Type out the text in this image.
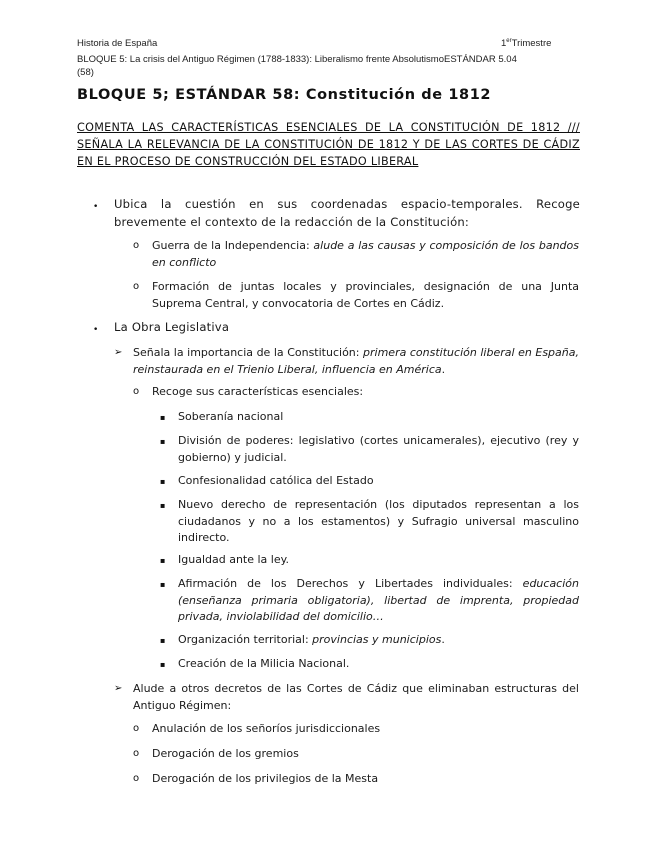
Historia de España	1erTrimestre
BLOQUE 5: La crisis del Antiguo Régimen (1788-1833): Liberalismo frente AbsolutismoESTÁNDAR 5.04
(58)
BLOQUE 5; ESTÁNDAR 58: Constitución de 1812
COMENTA LAS CARACTERÍSTICAS ESENCIALES DE LA CONSTITUCIÓN DE 1812 /// SEÑALA LA RELEVANCIA DE LA CONSTITUCIÓN DE 1812 Y DE LAS CORTES DE CÁDIZ EN EL PROCESO DE CONSTRUCCIÓN DEL ESTADO LIBERAL
• Ubica la cuestión en sus coordenadas espacio-temporales. Recoge brevemente el contexto de la redacción de la Constitución:
o Guerra de la Independencia: alude a las causas y composición de los bandos en conflicto
o Formación de juntas locales y provinciales, designación de una Junta Suprema Central, y convocatoria de Cortes en Cádiz.
• La Obra Legislativa
➢ Señala la importancia de la Constitución: primera constitución liberal en España, reinstaurada en el Trienio Liberal, influencia en América.
o Recoge sus características esenciales:
▪ Soberanía nacional
▪ División de poderes: legislativo (cortes unicamerales), ejecutivo (rey y gobierno) y judicial.
▪ Confesionalidad católica del Estado
▪ Nuevo derecho de representación (los diputados representan a los ciudadanos y no a los estamentos) y Sufragio universal masculino indirecto.
▪ Igualdad ante la ley.
▪ Afirmación de los Derechos y Libertades individuales: educación (enseñanza primaria obligatoria), libertad de imprenta, propiedad privada, inviolabilidad del domicilio…
▪ Organización territorial: provincias y municipios.
▪ Creación de la Milicia Nacional.
➢ Alude a otros decretos de las Cortes de Cádiz que eliminaban estructuras del Antiguo Régimen:
o Anulación de los señoríos jurisdiccionales
o Derogación de los gremios
o Derogación de los privilegios de la Mesta
